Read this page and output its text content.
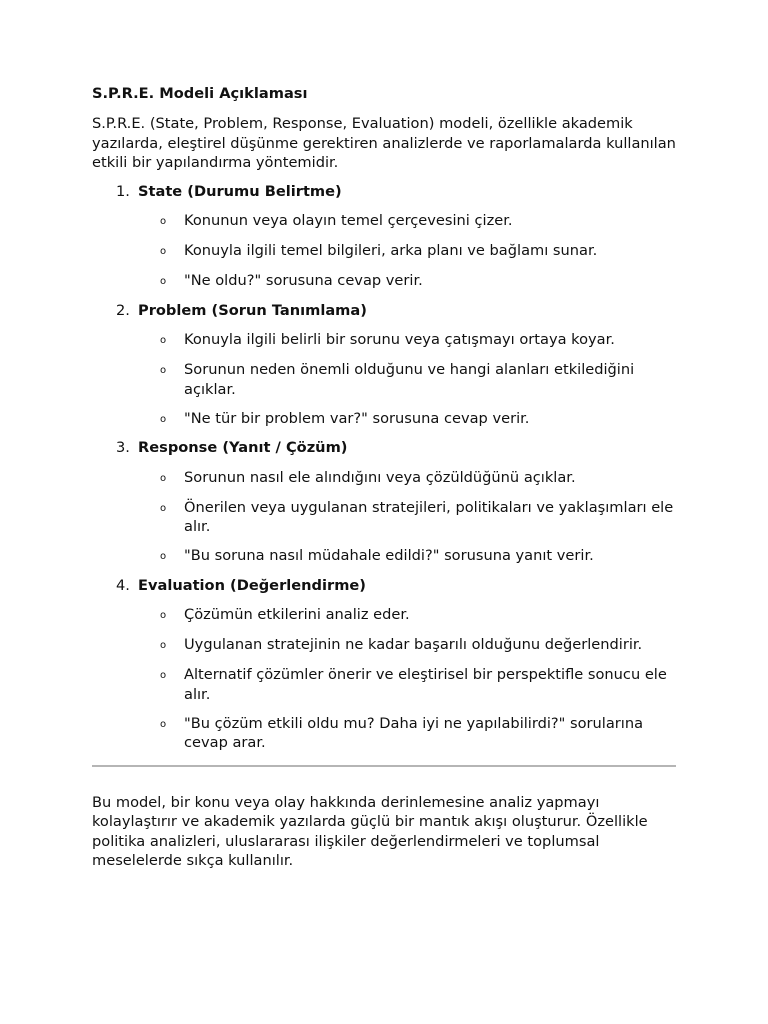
S.P.R.E. Modeli Açıklaması

S.P.R.E. (State, Problem, Response, Evaluation) modeli, özellikle akademik yazılarda, eleştirel düşünme gerektiren analizlerde ve raporlamalarda kullanılan etkili bir yapılandırma yöntemidir.

1. State (Durumu Belirtme)
o	Konunun veya olayın temel çerçevesini çizer.
o	Konuyla ilgili temel bilgileri, arka planı ve bağlamı sunar.
o	"Ne oldu?" sorusuna cevap verir.
2. Problem (Sorun Tanımlama)
o	Konuyla ilgili belirli bir sorunu veya çatışmayı ortaya koyar.
o	Sorunun neden önemli olduğunu ve hangi alanları etkilediğini açıklar.
o	"Ne tür bir problem var?" sorusuna cevap verir.
3. Response (Yanıt / Çözüm)
o	Sorunun nasıl ele alındığını veya çözüldüğünü açıklar.
o	Önerilen veya uygulanan stratejileri, politikaları ve yaklaşımları ele alır.
o	"Bu soruna nasıl müdahale edildi?" sorusuna yanıt verir.
4. Evaluation (Değerlendirme)
o	Çözümün etkilerini analiz eder.
o	Uygulanan stratejinin ne kadar başarılı olduğunu değerlendirir.
o	Alternatif çözümler önerir ve eleştirisel bir perspektifle sonucu ele alır.
o	"Bu çözüm etkili oldu mu? Daha iyi ne yapılabilirdi?" sorularına cevap arar.

Bu model, bir konu veya olay hakkında derinlemesine analiz yapmayı kolaylaştırır ve akademik yazılarda güçlü bir mantık akışı oluşturur. Özellikle politika analizleri, uluslararası ilişkiler değerlendirmeleri ve toplumsal meselelerde sıkça kullanılır.
